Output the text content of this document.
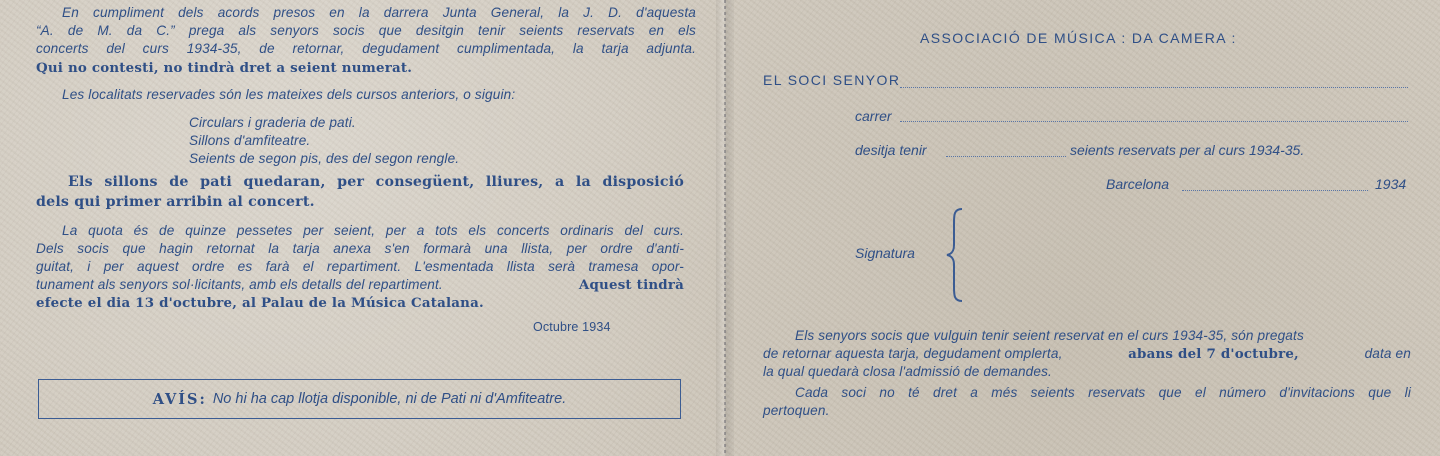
En cumpliment dels acords presos en la darrera Junta General, la J. D. d'aquesta
“A. de M. da C.” prega als senyors socis que desitgin tenir seients reservats en els
concerts del curs 1934-35, de retornar, degudament cumplimentada, la tarja adjunta.
Qui no contesti, no tindrà dret a seient numerat.
Les localitats reservades són les mateixes dels cursos anteriors, o siguin:
Circulars i graderia de pati.
Sillons d'amfiteatre.
Seients de segon pis, des del segon rengle.
Els sillons de pati quedaran, per consegüent, lliures, a la disposició
dels qui primer arribin al concert.
La quota és de quinze pessetes per seient, per a tots els concerts ordinaris del curs.
Dels socis que hagin retornat la tarja anexa s'en formarà una llista, per ordre d'anti-
guitat, i per aquest ordre es farà el repartiment. L'esmentada llista serà tramesa opor-
tunament als senyors sol·licitants, amb els detalls del repartiment.	Aquest tindrà
efecte el dia 13 d'octubre, al Palau de la Música Catalana.
Octubre 1934
AVÍS: No hi ha cap llotja disponible, ni de Pati ni d'Amfiteatre.
ASSOCIACIÓ DE MÚSICA : DA CAMERA :
EL SOCI SENYOR
carrer
desitja tenir	seients reservats per al curs 1934-35.
Barcelona	1934
Signatura
Els senyors socis que vulguin tenir seient reservat en el curs 1934-35, són pregats
de retornar aquesta tarja, degudament omplerta,	abans del 7 d'octubre,	data en
la qual quedarà closa l'admissió de demandes.
Cada soci no té dret a més seients reservats que el número d'invitacions que li
pertoquen.
